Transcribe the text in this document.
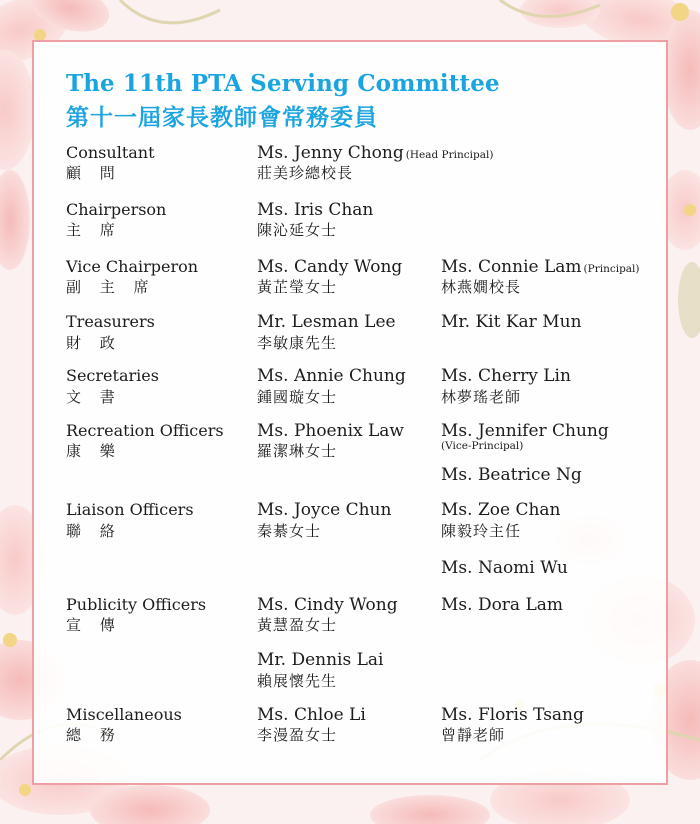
The 11th PTA Serving Committee
第十一屆家長教師會常務委員
Consultant
顧 問
Ms. Jenny Chong (Head Principal)
莊美珍總校長
Chairperson
主 席
Ms. Iris Chan
陳沁延女士
Vice Chairperon
副 主 席
Ms. Candy Wong
黃芷瑩女士
Ms. Connie Lam (Principal)
林燕嫺校長
Treasurers
財 政
Mr. Lesman Lee
李敏康先生
Mr. Kit Kar Mun
Secretaries
文 書
Ms. Annie Chung
鍾國璇女士
Ms. Cherry Lin
林夢瑤老師
Recreation Officers
康 樂
Ms. Phoenix Law
羅潔琳女士
Ms. Jennifer Chung
(Vice-Principal)
Ms. Beatrice Ng
Liaison Officers
聯 絡
Ms. Joyce Chun
秦綦女士
Ms. Zoe Chan
陳毅玲主任
Ms. Naomi Wu
Publicity Officers
宣 傳
Ms. Cindy Wong
黃慧盈女士
Ms. Dora Lam
Mr. Dennis Lai
賴展懷先生
Miscellaneous
總 務
Ms. Chloe Li
李漫盈女士
Ms. Floris Tsang
曾靜老師
